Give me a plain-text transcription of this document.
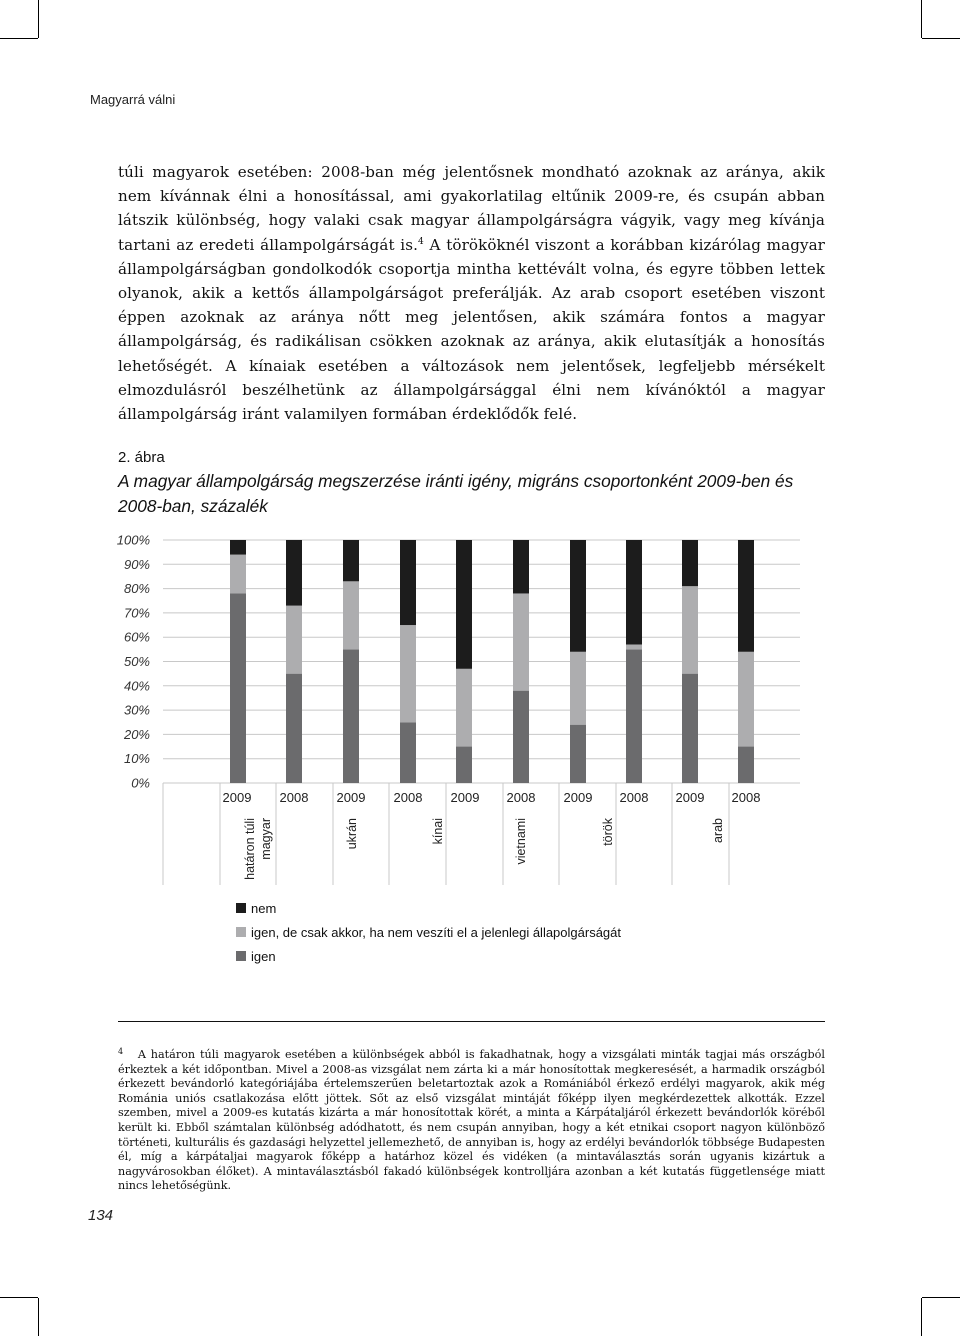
Magyarrá válni

túli magyarok esetében: 2008-ban még jelentősnek mondható azoknak az aránya, akik nem kívánnak élni a honosítással, ami gyakorlatilag eltűnik 2009-re, és csupán abban látszik különbség, hogy valaki csak magyar állampolgárságra vágyik, vagy meg kívánja tartani az eredeti állampolgárságát is.$^4$ A törököknél viszont a korábban kizárólag magyar állampolgárságban gondolkodók csoportja mintha kettévált volna, és egyre többen lettek olyanok, akik a kettős állampolgárságot preferálják. Az arab csoport esetében viszont éppen azoknak az aránya nőtt meg jelentősen, akik számára fontos a magyar állampolgárság, és radikálisan csökken azoknak az aránya, akik elutasítják a honosítás lehetőségét. A kínaiak esetében a változások nem jelentősek, legfeljebb mérsékelt elmozdulásról beszélhetünk az állampolgársággal élni nem kívánóktól a magyar állampolgárság iránt valamilyen formában érdeklődők felé.

2. ábra

A magyar állampolgárság megszerzése iránti igény, migráns csoportonként 2009-ben és 2008-ban, százalék

100%
90%
80%
70%
60%
50%
40%
30%
20%
10%
0%
2009 2008 2009 2008 2009 2008 2009 2008 2009 2008
határon túli magyar	ukrán	kínai	vietnami	török	arab
nem
igen, de csak akkor, ha nem veszíti el a jelenlegi állapolgárságát
igen

$^4$ A határon túli magyarok esetében a különbségek abból is fakadhatnak, hogy a vizsgálati minták tagjai más országból érkeztek a két időpontban. Mivel a 2008-as vizsgálat nem zárta ki a már honosítottak megkeresését, a harmadik országból érkezett bevándorló kategóriájába értelemszerűen beletartoztak azok a Romániából érkező erdélyi magyarok, akik még Románia uniós csatlakozása előtt jöttek. Sőt az első vizsgálat mintáját főképp ilyen megkérdezettek alkották. Ezzel szemben, mivel a 2009-es kutatás kizárta a már honosítottak körét, a minta a Kárpátaljáról érkezett bevándorlók köréből került ki. Ebből számtalan különbség adódhatott, és nem csupán annyiban, hogy a két etnikai csoport nagyon különböző történeti, kulturális és gazdasági helyzettel jellemezhető, de annyiban is, hogy az erdélyi bevándorlók többsége Budapesten él, míg a kárpátaljai magyarok főképp a határhoz közel és vidéken (a mintaválasztás során ugyanis kizártuk a nagyvárosokban élőket). A mintaválasztásból fakadó különbségek kontrolljára azonban a két kutatás függetlensége miatt nincs lehetőségünk.

134
